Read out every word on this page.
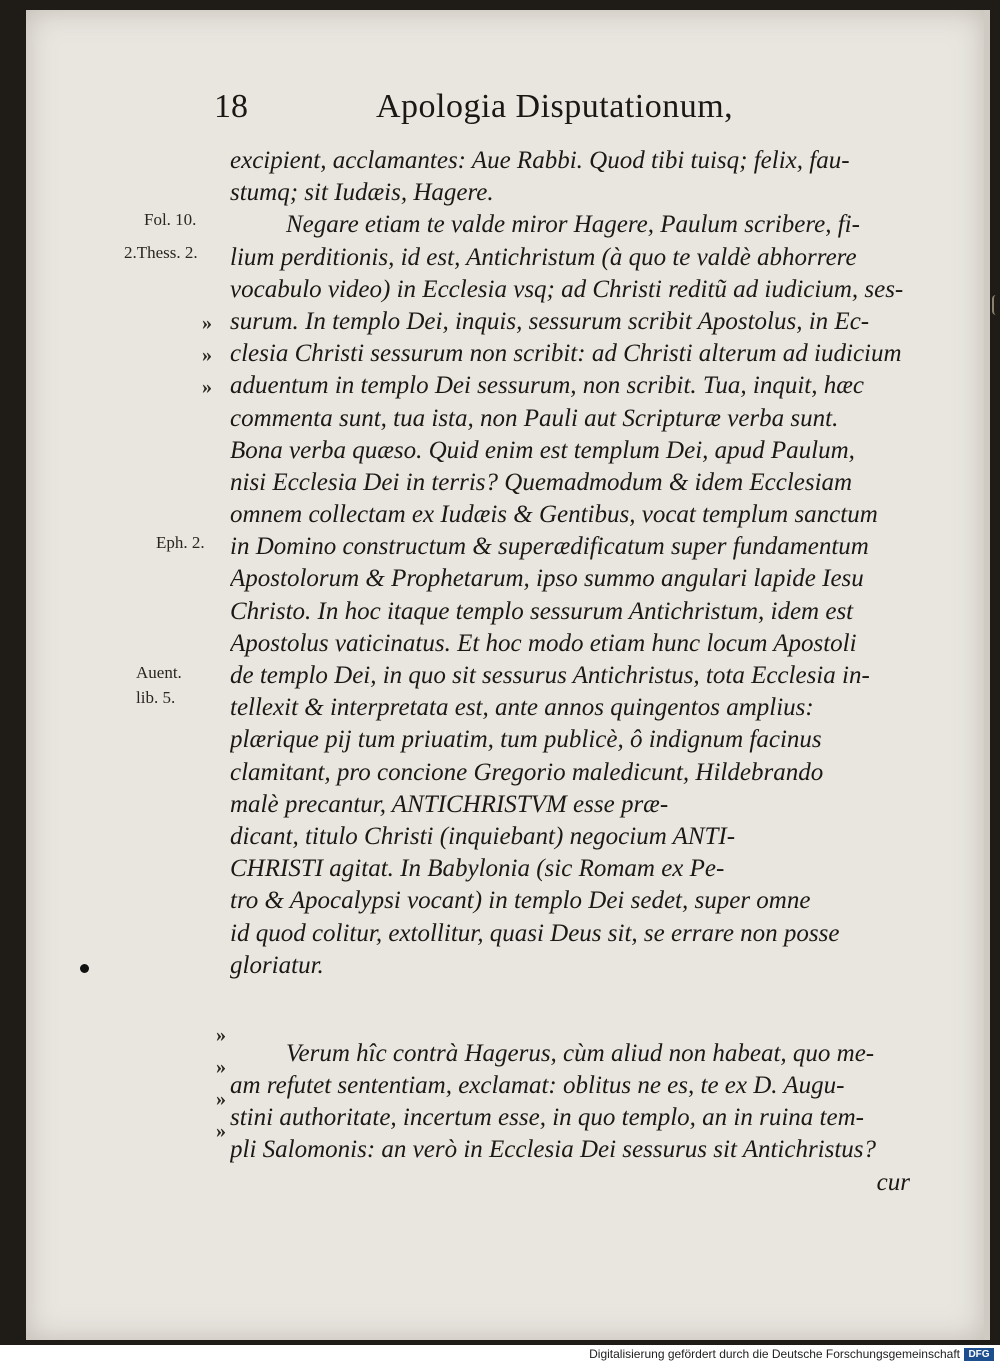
18	Apologia Disputationum,
Fol. 10.
2.Thess. 2.
Eph. 2.
Auent.
lib. 5.
»
»
»
»
»
»
»
excipient, acclamantes: Aue Rabbi. Quod tibi tuisq; felix, fau-
stumq; sit Iudæis, Hagere.
Negare etiam te valde miror Hagere, Paulum scribere, fi-
lium perditionis, id est, Antichristum (à quo te valdè abhorrere
vocabulo video) in Ecclesia vsq; ad Christi reditũ ad iudicium, ses-
surum. In templo Dei, inquis, sessurum scribit Apostolus, in Ec-
clesia Christi sessurum non scribit: ad Christi alterum ad iudicium
aduentum in templo Dei sessurum, non scribit. Tua, inquit, hæc
commenta sunt, tua ista, non Pauli aut Scripturæ verba sunt.
Bona verba quæso. Quid enim est templum Dei, apud Paulum,
nisi Ecclesia Dei in terris? Quemadmodum & idem Ecclesiam
omnem collectam ex Iudæis & Gentibus, vocat templum sanctum
in Domino constructum & superædificatum super fundamentum
Apostolorum & Prophetarum, ipso summo angulari lapide Iesu
Christo. In hoc itaque templo sessurum Antichristum, idem est
Apostolus vaticinatus. Et hoc modo etiam hunc locum Apostoli
de templo Dei, in quo sit sessurus Antichristus, tota Ecclesia in-
tellexit & interpretata est, ante annos quingentos amplius:
plærique pij tum priuatim, tum publicè, ô indignum facinus
clamitant, pro concione Gregorio maledicunt, Hildebrando
malè precantur, ANTICHRISTVM esse præ-
dicant, titulo Christi (inquiebant) negocium ANTI-
CHRISTI agitat. In Babylonia (sic Romam ex Pe-
tro & Apocalypsi vocant) in templo Dei sedet, super omne
id quod colitur, extollitur, quasi Deus sit, se errare non posse
gloriatur.
Verum hîc contrà Hagerus, cùm aliud non habeat, quo me-
am refutet sententiam, exclamat: oblitus ne es, te ex D. Augu-
stini authoritate, incertum esse, in quo templo, an in ruina tem-
pli Salomonis: an verò in Ecclesia Dei sessurus sit Antichristus?
cur
Digitalisierung gefördert durch die Deutsche Forschungsgemeinschaft DFG
